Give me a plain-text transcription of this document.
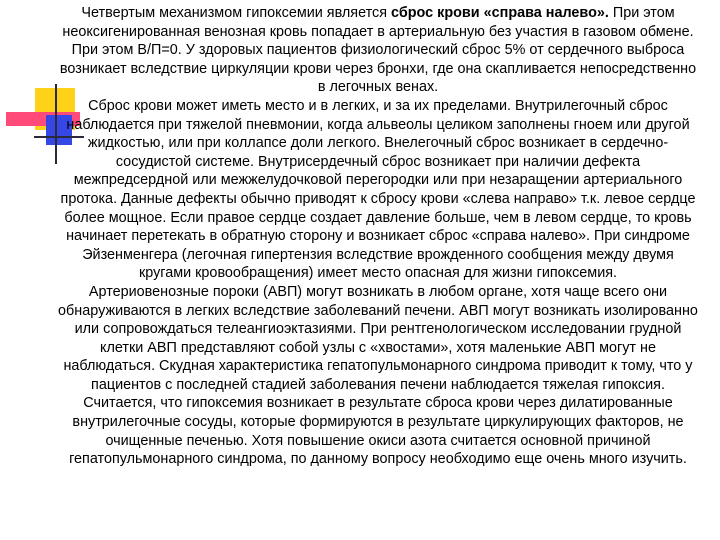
Четвертым механизмом гипоксемии является сброс крови «справа налево». При этом неоксигенированная венозная кровь попадает в артериальную без участия в газовом обмене. При этом В/П=0. У здоровых пациентов физиологический сброс 5% от сердечного выброса возникает вследствие циркуляции крови через бронхи, где она скапливается непосредственно в легочных венах.

Сброс крови может иметь место и в легких, и за их пределами. Внутрилегочный сброс наблюдается при тяжелой пневмонии, когда альвеолы целиком заполнены гноем или другой жидкостью, или при коллапсе доли легкого. Внелегочный сброс возникает в сердечно-сосудистой системе. Внутрисердечный сброс возникает при наличии дефекта межпредсердной или межжелудочковой перегородки или при незаращении артериального протока. Данные дефекты обычно приводят к сбросу крови «слева направо» т.к. левое сердце более мощное. Если правое сердце создает давление больше, чем в левом сердце, то кровь начинает перетекать в обратную сторону и возникает сброс «справа налево». При синдроме Эйзенменгера (легочная гипертензия вследствие врожденного сообщения между двумя кругами кровообращения) имеет место опасная для жизни гипоксемия.

Артериовенозные пороки (АВП) могут возникать в любом органе, хотя чаще всего они обнаруживаются в легких вследствие заболеваний печени. АВП могут возникать изолированно или сопровождаться телеангиоэктазиями. При рентгенологическом исследовании грудной клетки АВП представляют собой узлы с «хвостами», хотя маленькие АВП могут не наблюдаться. Скудная характеристика гепатопульмонарного синдрома приводит к тому, что у пациентов с последней стадией заболевания печени наблюдается тяжелая гипоксия. Считается, что гипоксемия возникает в результате сброса крови через дилатированные внутрилегочные сосуды, которые формируются в результате циркулирующих факторов, не очищенные печенью. Хотя повышение окиси азота считается основной причиной гепатопульмонарного синдрома, по данному вопросу необходимо еще очень много изучить.
